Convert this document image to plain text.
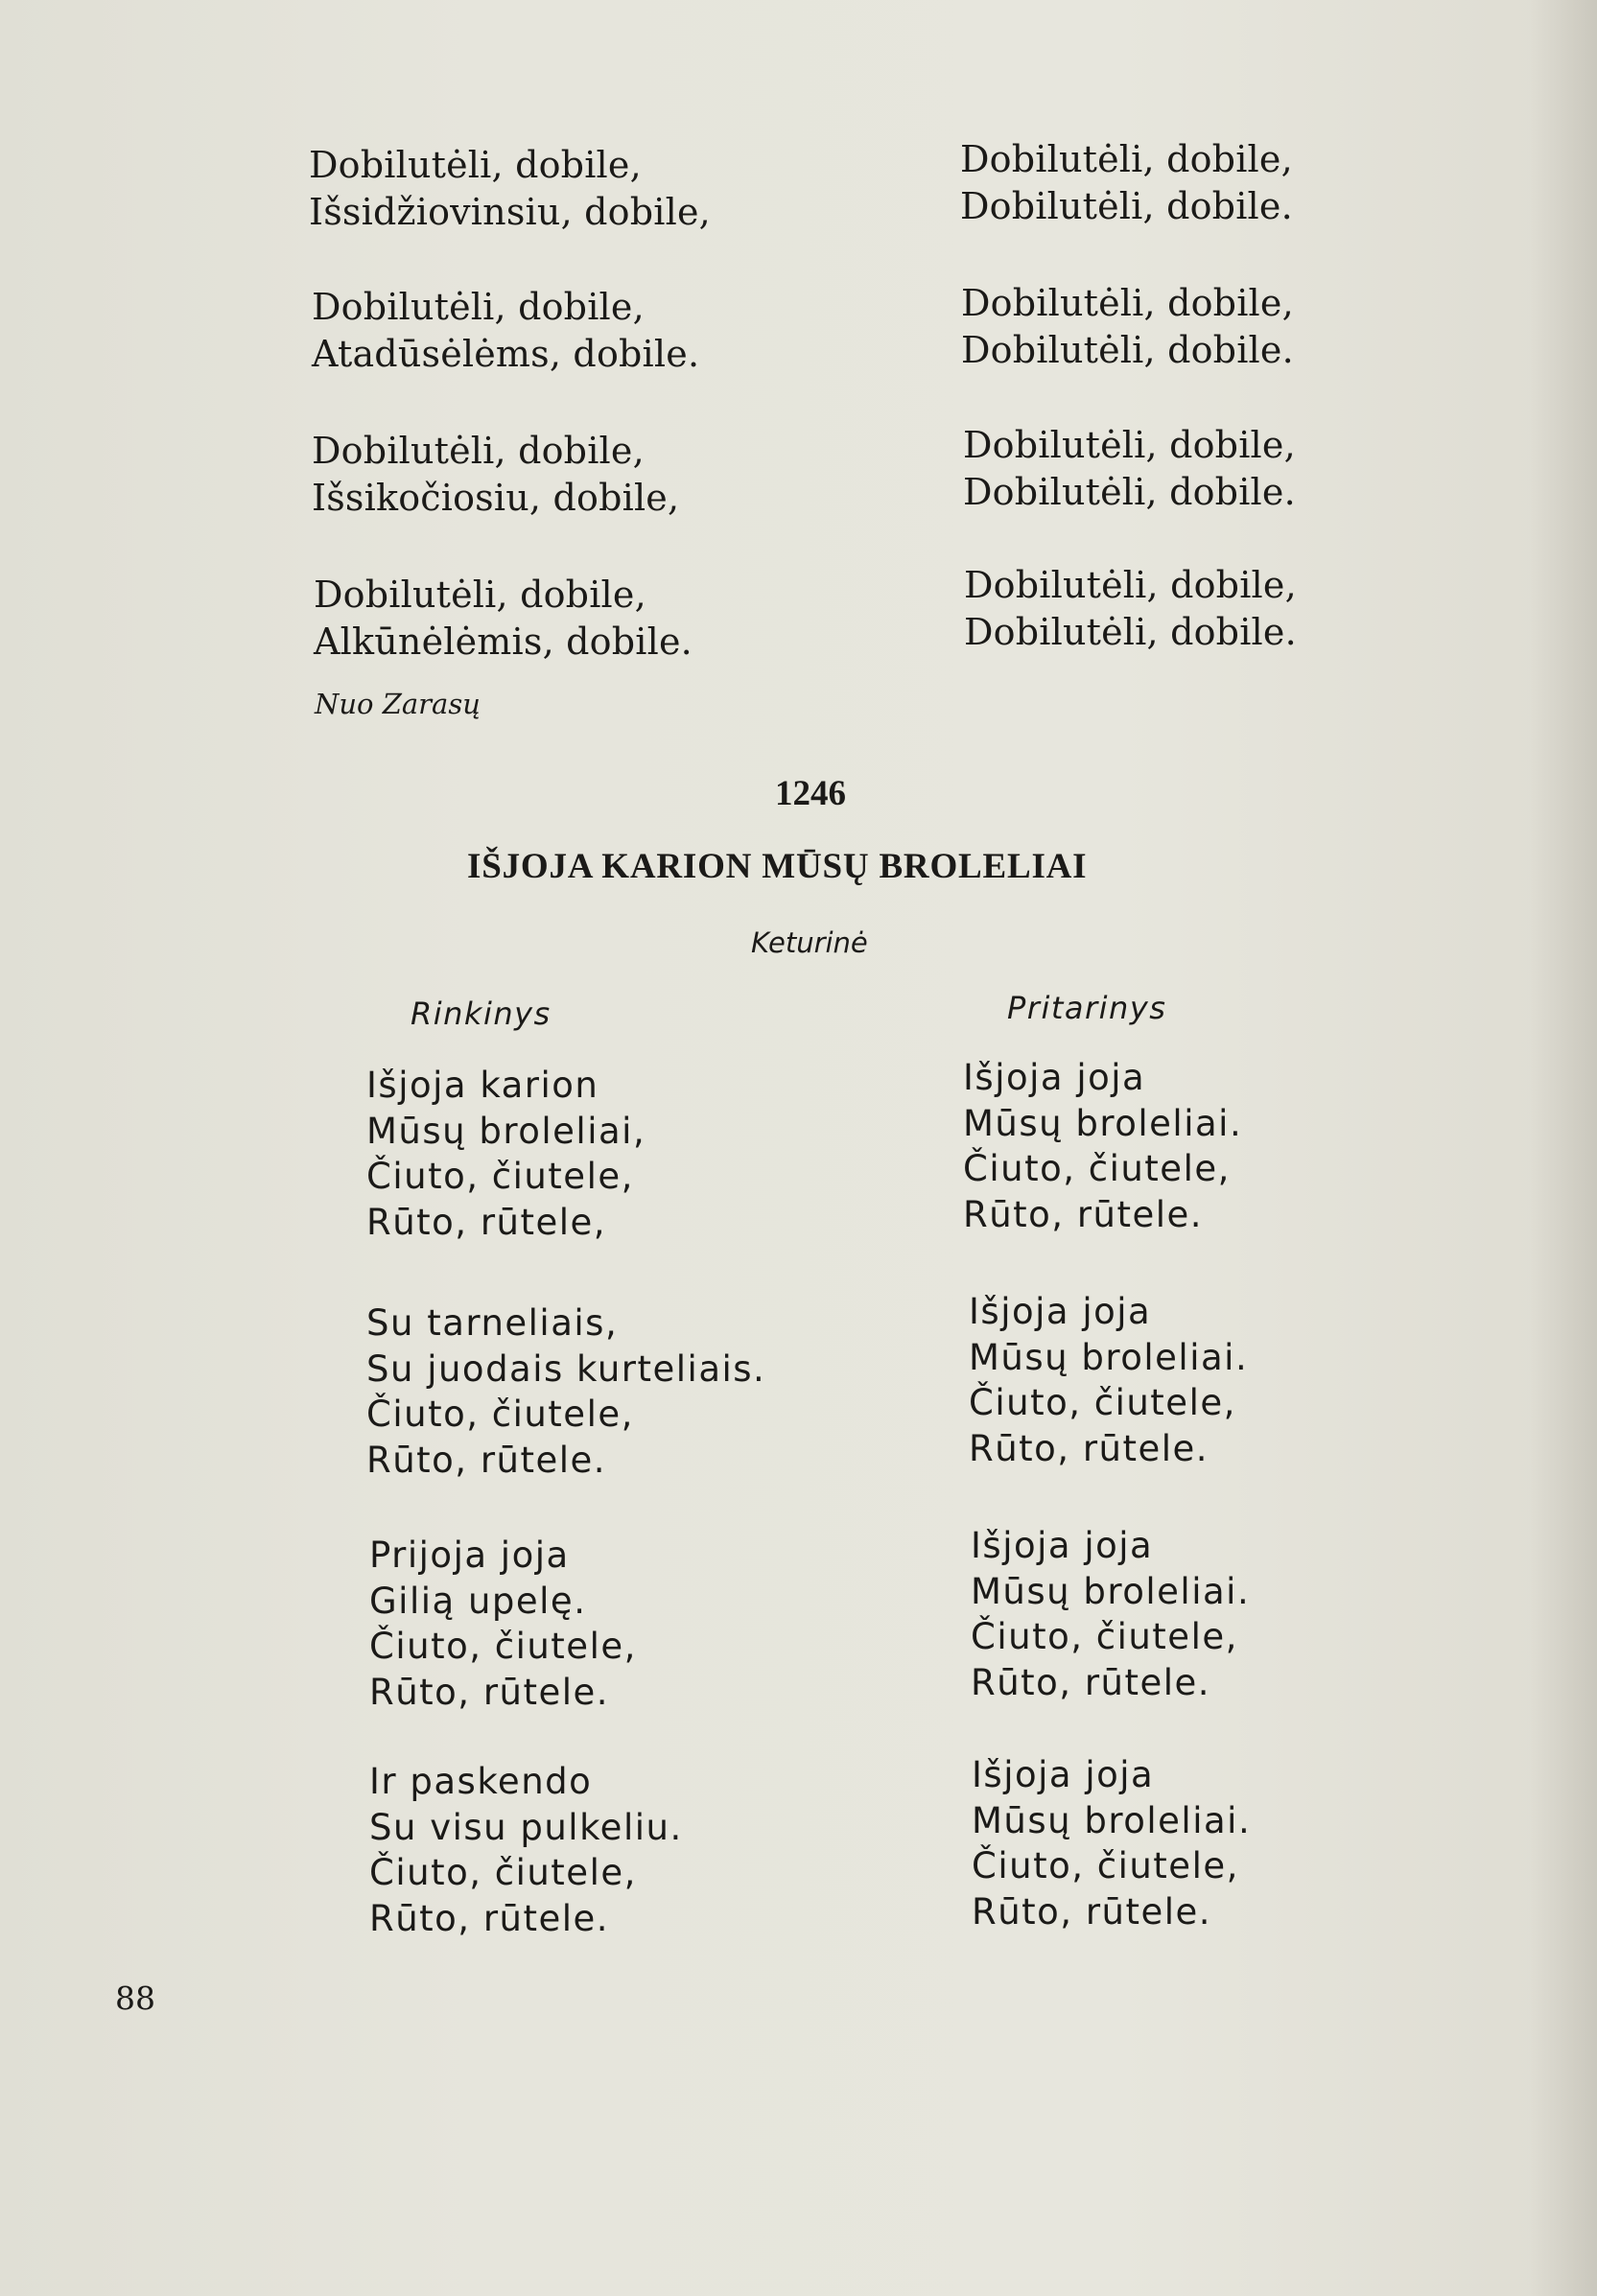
Dobilutėli, dobile,
Išsidžiovinsiu, dobile,
Dobilutėli, dobile,
Atadūsėlėms, dobile.
Dobilutėli, dobile,
Išsikočiosiu, dobile,
Dobilutėli, dobile,
Alkūnėlėmis, dobile.
Dobilutėli, dobile,
Dobilutėli, dobile.
Dobilutėli, dobile,
Dobilutėli, dobile.
Dobilutėli, dobile,
Dobilutėli, dobile.
Dobilutėli, dobile,
Dobilutėli, dobile.
Nuo Zarasų
1246
IŠJOJA KARION MŪSŲ BROLELIAI
Keturinė
Rinkinys	Pritarinys
Išjoja karion
Mūsų broleliai,
Čiuto, čiutele,
Rūto, rūtele,
Su tarneliais,
Su juodais kurteliais.
Čiuto, čiutele,
Rūto, rūtele.
Prijoja joja
Gilią upelę.
Čiuto, čiutele,
Rūto, rūtele.
Ir paskendo
Su visu pulkeliu.
Čiuto, čiutele,
Rūto, rūtele.
Išjoja joja
Mūsų broleliai.
Čiuto, čiutele,
Rūto, rūtele.
Išjoja joja
Mūsų broleliai.
Čiuto, čiutele,
Rūto, rūtele.
Išjoja joja
Mūsų broleliai.
Čiuto, čiutele,
Rūto, rūtele.
Išjoja joja
Mūsų broleliai.
Čiuto, čiutele,
Rūto, rūtele.
88
